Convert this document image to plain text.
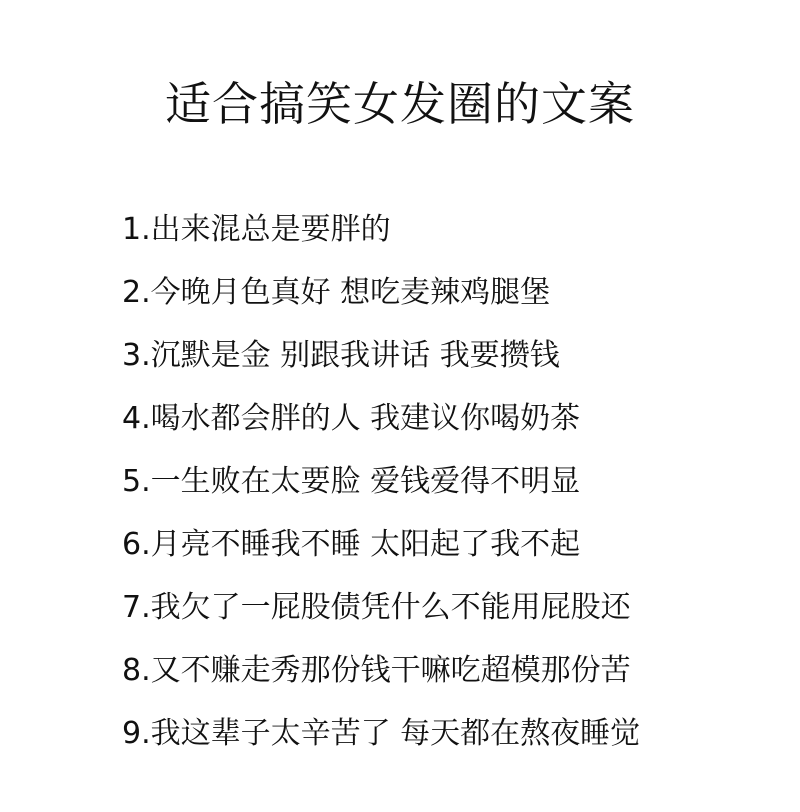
适合搞笑女发圈的文案
1.出来混总是要胖的
2.今晚月色真好 想吃麦辣鸡腿堡
3.沉默是金 别跟我讲话 我要攒钱
4.喝水都会胖的人 我建议你喝奶茶
5.一生败在太要脸 爱钱爱得不明显
6.月亮不睡我不睡 太阳起了我不起
7.我欠了一屁股债凭什么不能用屁股还
8.又不赚走秀那份钱干嘛吃超模那份苦
9.我这辈子太辛苦了 每天都在熬夜睡觉
